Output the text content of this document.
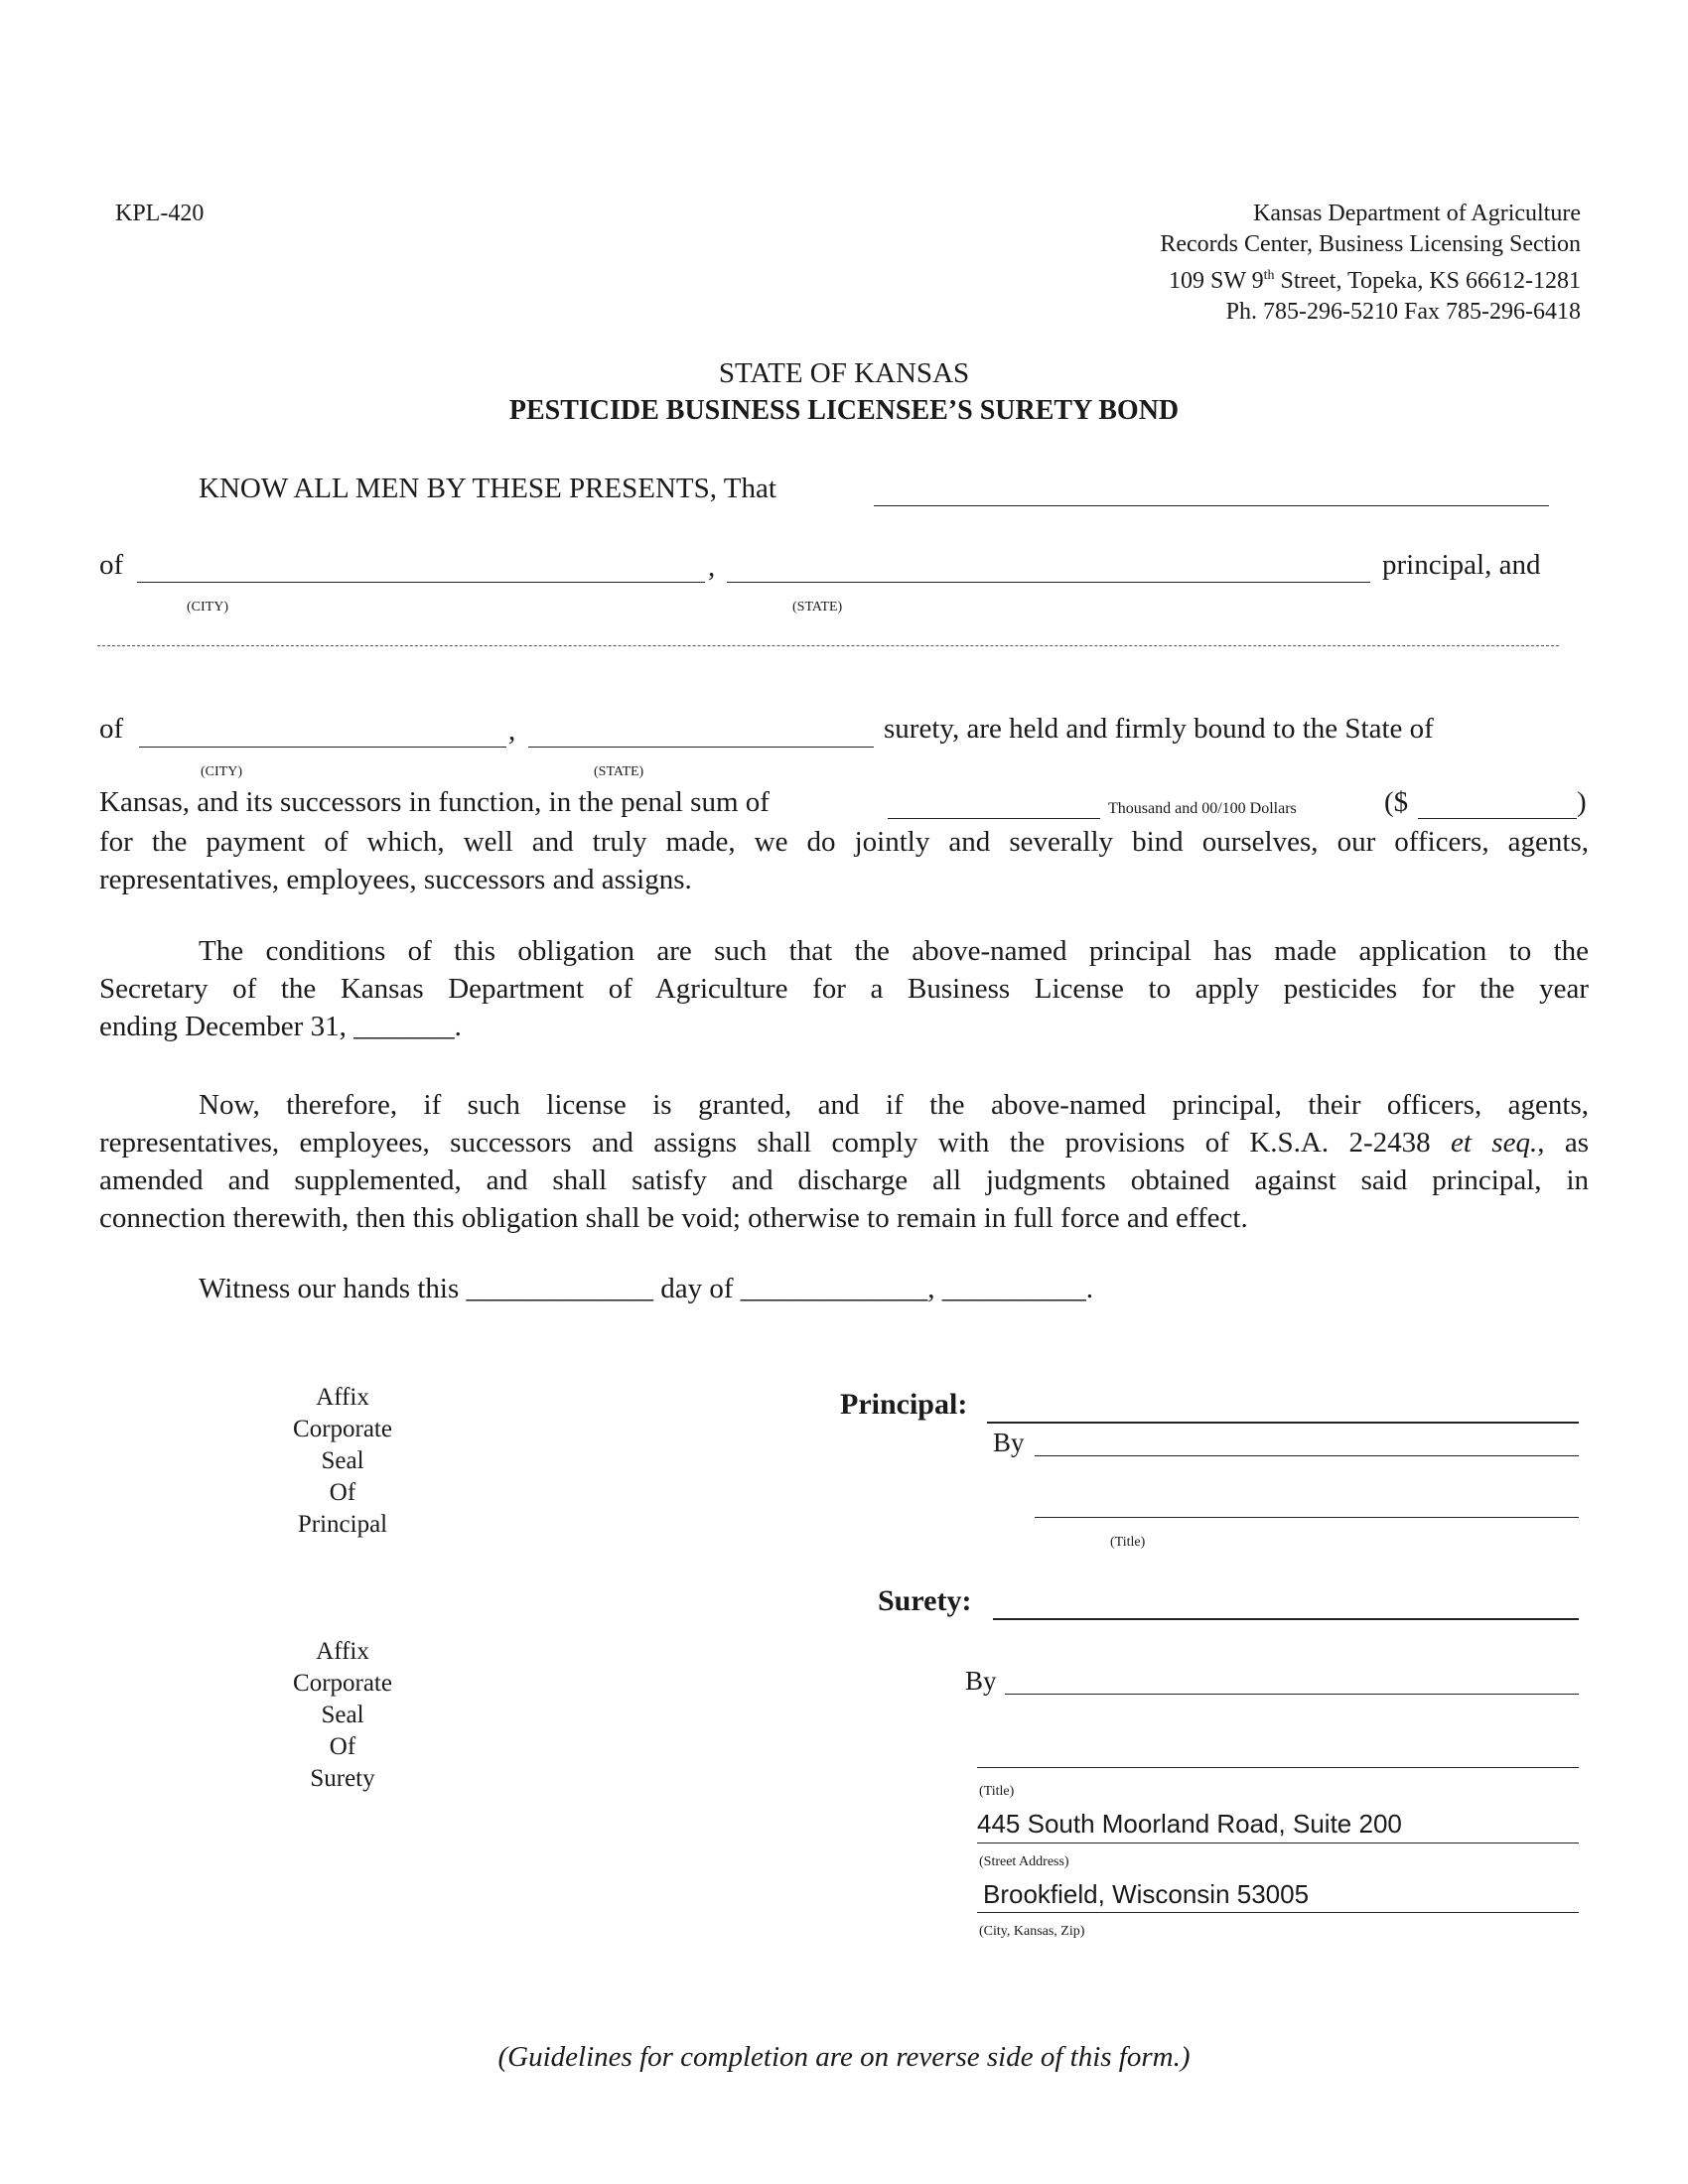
KPL-420	Kansas Department of Agriculture
Records Center, Business Licensing Section
109 SW 9th Street, Topeka, KS 66612-1281
Ph. 785-296-5210 Fax 785-296-6418
STATE OF KANSAS
PESTICIDE BUSINESS LICENSEE’S SURETY BOND
KNOW ALL MEN BY THESE PRESENTS, That
of	,	principal, and
(CITY)	(STATE)
of	,	surety, are held and firmly bound to the State of
(CITY)	(STATE)
Kansas, and its successors in function, in the penal sum of	Thousand and 00/100 Dollars	($	)
for the payment of which, well and truly made, we do jointly and severally bind ourselves, our officers, agents,
representatives, employees, successors and assigns.
The conditions of this obligation are such that the above-named principal has made application to the
Secretary of the Kansas Department of Agriculture for a Business License to apply pesticides for the year
ending December 31, _______.
Now, therefore, if such license is granted, and if the above-named principal, their officers, agents,
representatives, employees, successors and assigns shall comply with the provisions of K.S.A. 2-2438 et seq., as
amended and supplemented, and shall satisfy and discharge all judgments obtained against said principal, in
connection therewith, then this obligation shall be void; otherwise to remain in full force and effect.
Witness our hands this _____________ day of _____________, __________.
Affix
Corporate
Seal
Of
Principal
Affix
Corporate
Seal
Of
Surety
Principal:
By
(Title)
Surety:
By
(Title)
445 South Moorland Road, Suite 200
(Street Address)
Brookfield, Wisconsin 53005
(City, Kansas, Zip)
(Guidelines for completion are on reverse side of this form.)
